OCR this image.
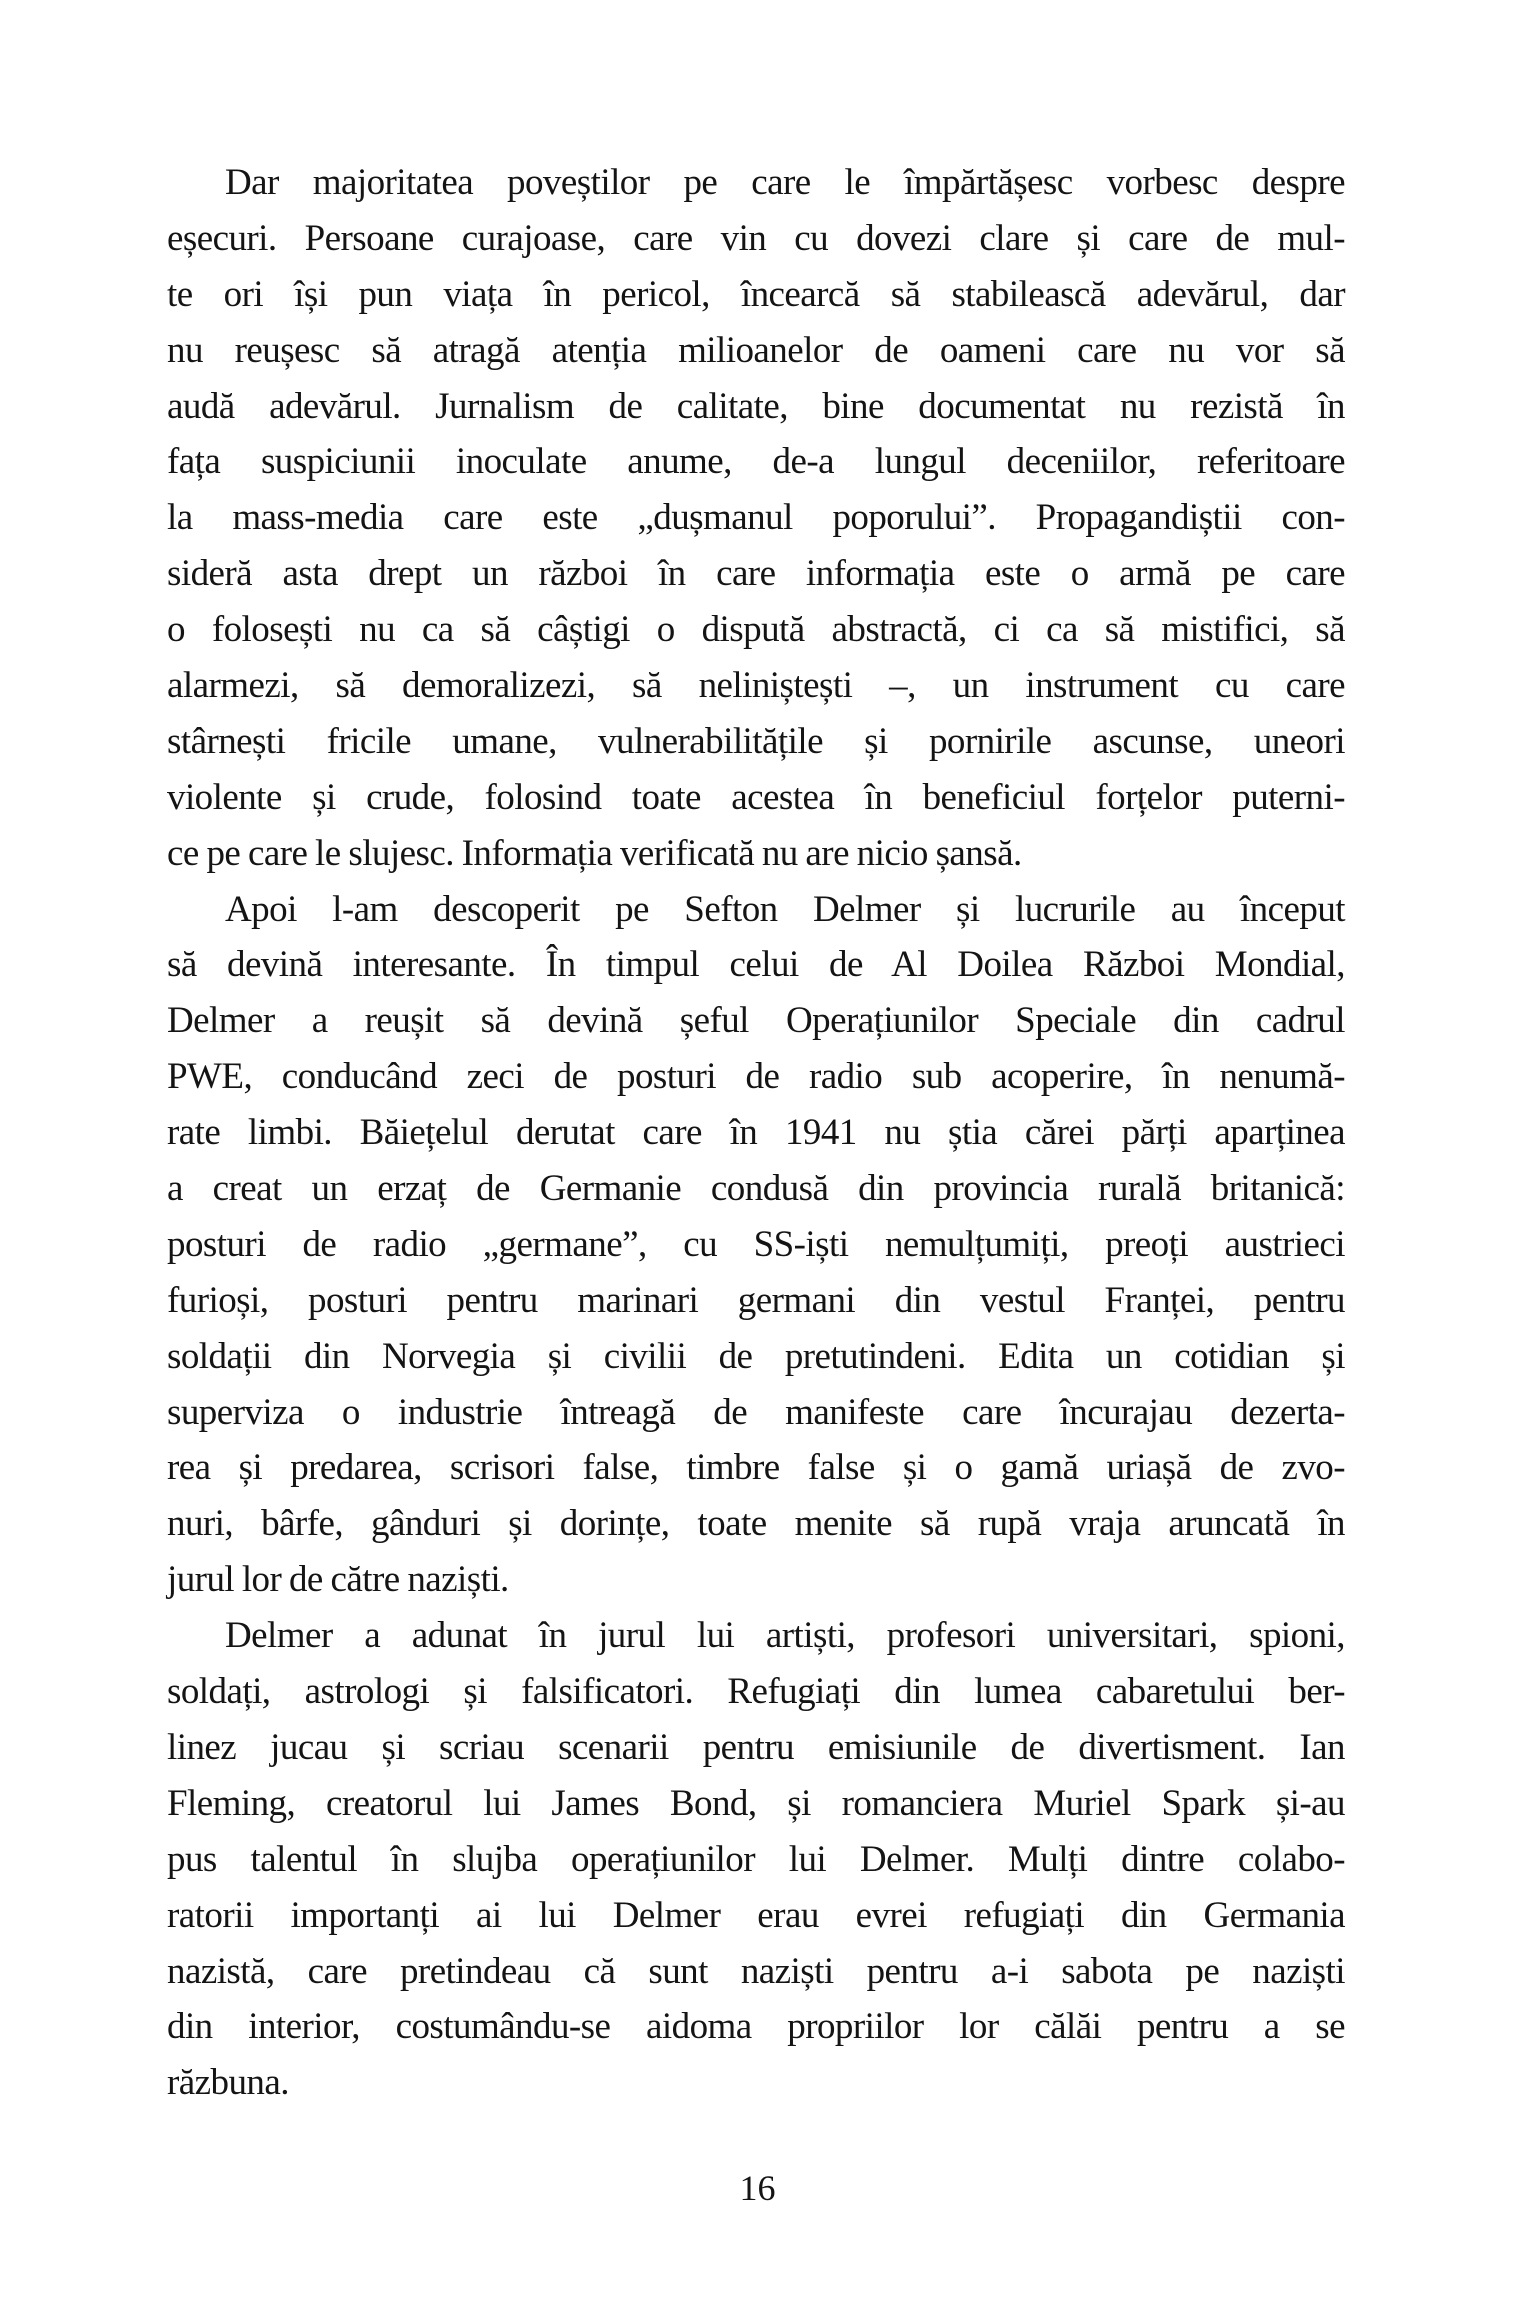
Dar majoritatea poveștilor pe care le împărtășesc vorbesc despre
eșecuri. Persoane curajoase, care vin cu dovezi clare și care de mul-
te ori își pun viața în pericol, încearcă să stabilească adevărul, dar
nu reușesc să atragă atenția milioanelor de oameni care nu vor să
audă adevărul. Jurnalism de calitate, bine documentat nu rezistă în
fața suspiciunii inoculate anume, de-a lungul deceniilor, referitoare
la mass-media care este „dușmanul poporului”. Propagandiștii con-
sideră asta drept un război în care informația este o armă pe care
o folosești nu ca să câștigi o dispută abstractă, ci ca să mistifici, să
alarmezi, să demoralizezi, să neliniștești –, un instrument cu care
stârnești fricile umane, vulnerabilitățile și pornirile ascunse, uneori
violente și crude, folosind toate acestea în beneficiul forțelor puterni-
ce pe care le slujesc. Informația verificată nu are nicio șansă.
Apoi l-am descoperit pe Sefton Delmer și lucrurile au început
să devină interesante. În timpul celui de Al Doilea Război Mondial,
Delmer a reușit să devină șeful Operațiunilor Speciale din cadrul
PWE, conducând zeci de posturi de radio sub acoperire, în nenumă-
rate limbi. Băiețelul derutat care în 1941 nu știa cărei părți aparținea
a creat un erzaț de Germanie condusă din provincia rurală britanică:
posturi de radio „germane”, cu SS-iști nemulțumiți, preoți austrieci
furioși, posturi pentru marinari germani din vestul Franței, pentru
soldații din Norvegia și civilii de pretutindeni. Edita un cotidian și
superviza o industrie întreagă de manifeste care încurajau dezerta-
rea și predarea, scrisori false, timbre false și o gamă uriașă de zvo-
nuri, bârfe, gânduri și dorințe, toate menite să rupă vraja aruncată în
jurul lor de către naziști.
Delmer a adunat în jurul lui artiști, profesori universitari, spioni,
soldați, astrologi și falsificatori. Refugiați din lumea cabaretului ber-
linez jucau și scriau scenarii pentru emisiunile de divertisment. Ian
Fleming, creatorul lui James Bond, și romanciera Muriel Spark și-au
pus talentul în slujba operațiunilor lui Delmer. Mulți dintre colabo-
ratorii importanți ai lui Delmer erau evrei refugiați din Germania
nazistă, care pretindeau că sunt naziști pentru a-i sabota pe naziști
din interior, costumându-se aidoma propriilor lor călăi pentru a se
răzbuna.
16
